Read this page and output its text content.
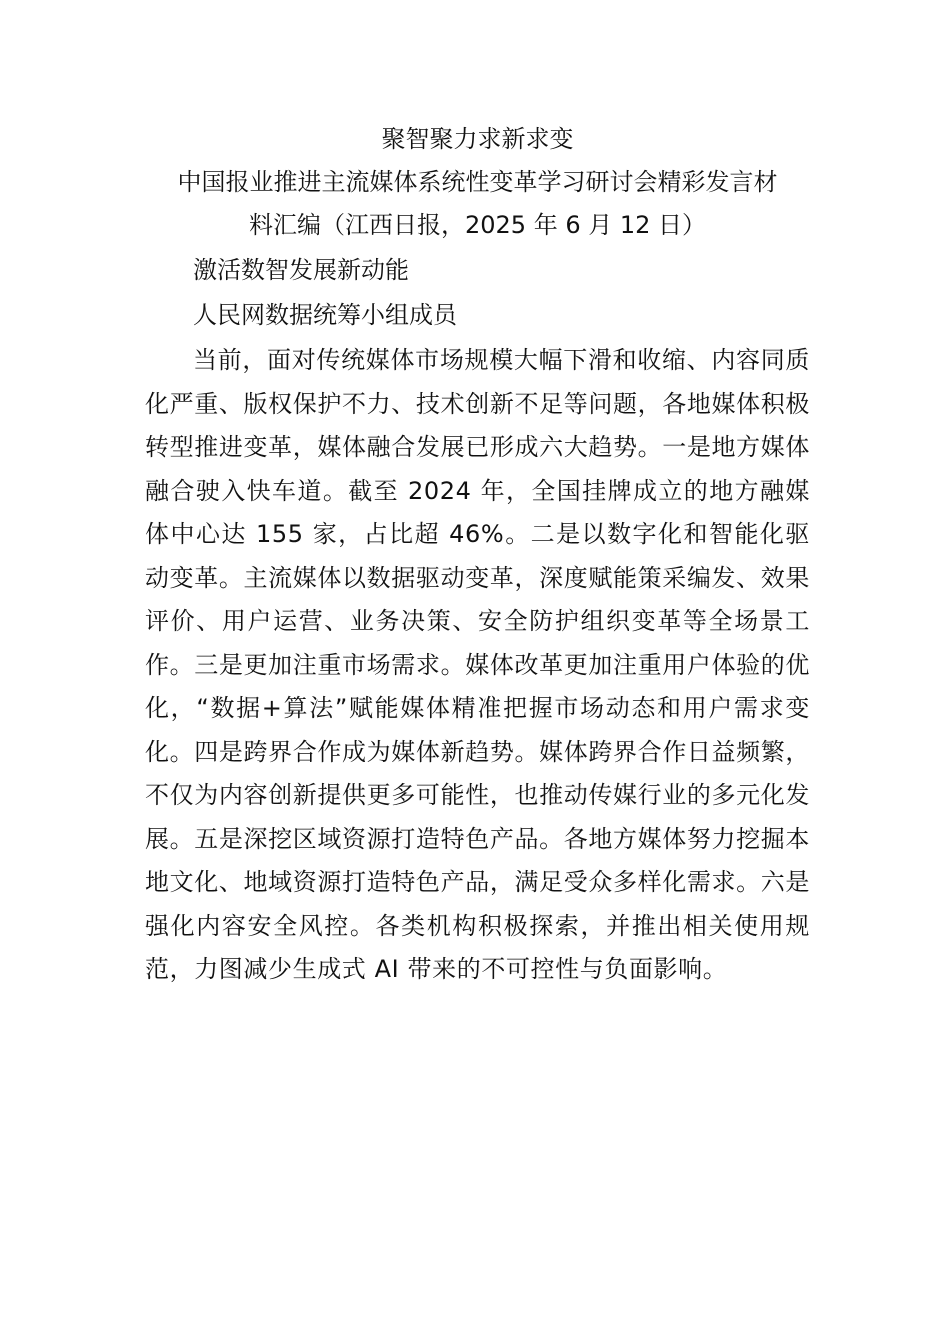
聚智聚力求新求变

中国报业推进主流媒体系统性变革学习研讨会精彩发言材

料汇编（江西日报，2025 年 6 月 12 日）

激活数智发展新动能

人民网数据统筹小组成员

当前，面对传统媒体市场规模大幅下滑和收缩、内容同质化严重、版权保护不力、技术创新不足等问题，各地媒体积极转型推进变革，媒体融合发展已形成六大趋势。一是地方媒体融合驶入快车道。截至 2024 年，全国挂牌成立的地方融媒体中心达 155 家，占比超 46%。二是以数字化和智能化驱动变革。主流媒体以数据驱动变革，深度赋能策采编发、效果评价、用户运营、业务决策、安全防护组织变革等全场景工作。三是更加注重市场需求。媒体改革更加注重用户体验的优化，“数据+算法”赋能媒体精准把握市场动态和用户需求变化。四是跨界合作成为媒体新趋势。媒体跨界合作日益频繁，不仅为内容创新提供更多可能性，也推动传媒行业的多元化发展。五是深挖区域资源打造特色产品。各地方媒体努力挖掘本地文化、地域资源打造特色产品，满足受众多样化需求。六是强化内容安全风控。各类机构积极探索，并推出相关使用规范，力图减少生成式 AI 带来的不可控性与负面影响。
